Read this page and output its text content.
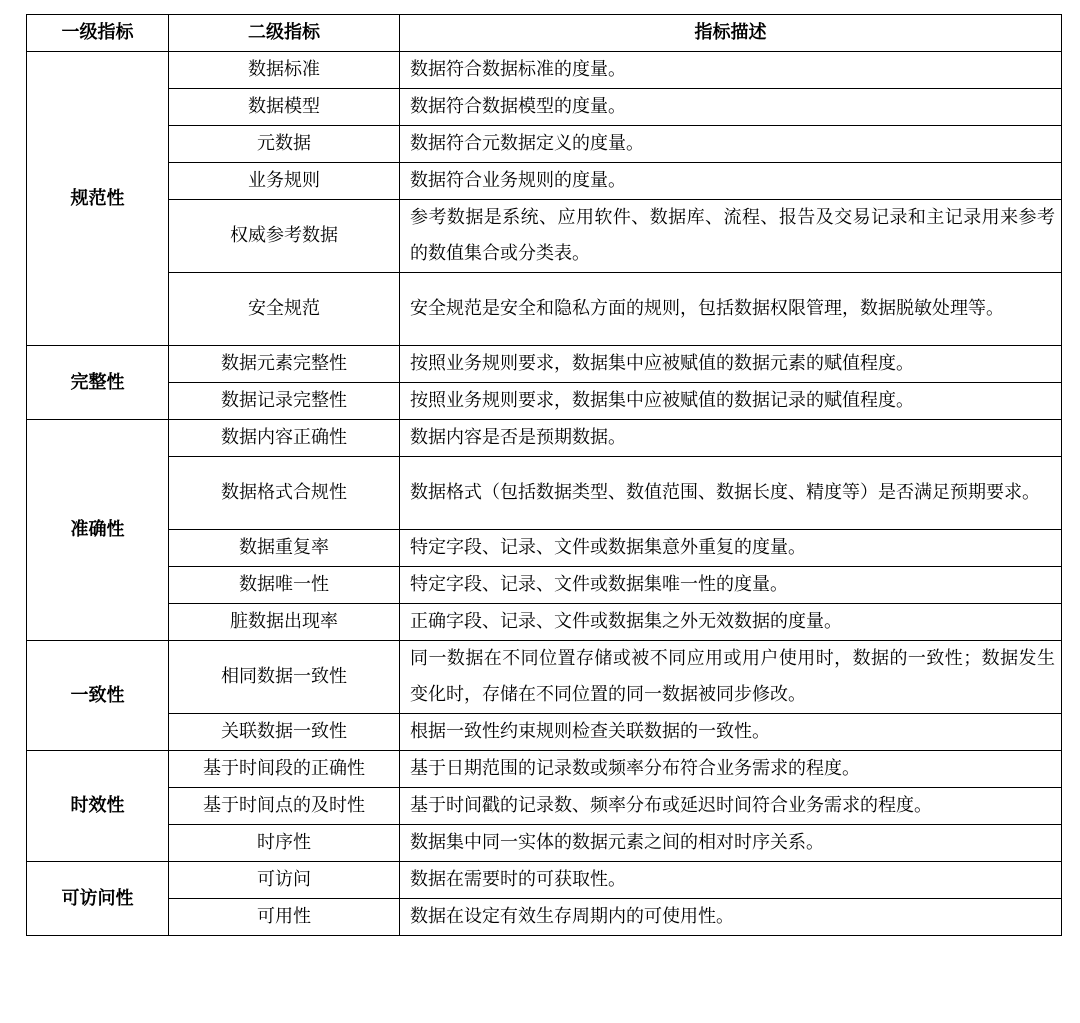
一级指标	二级指标	指标描述
规范性	数据标准	数据符合数据标准的度量。
	数据模型	数据符合数据模型的度量。
	元数据	数据符合元数据定义的度量。
	业务规则	数据符合业务规则的度量。
	权威参考数据	参考数据是系统、应用软件、数据库、流程、报告及交易记录和主记录用来参考的数值集合或分类表。
	安全规范	安全规范是安全和隐私方面的规则，包括数据权限管理，数据脱敏处理等。
完整性	数据元素完整性	按照业务规则要求，数据集中应被赋值的数据元素的赋值程度。
	数据记录完整性	按照业务规则要求，数据集中应被赋值的数据记录的赋值程度。
准确性	数据内容正确性	数据内容是否是预期数据。
	数据格式合规性	数据格式（包括数据类型、数值范围、数据长度、精度等）是否满足预期要求。
	数据重复率	特定字段、记录、文件或数据集意外重复的度量。
	数据唯一性	特定字段、记录、文件或数据集唯一性的度量。
	脏数据出现率	正确字段、记录、文件或数据集之外无效数据的度量。
一致性	相同数据一致性	同一数据在不同位置存储或被不同应用或用户使用时，数据的一致性；数据发生变化时，存储在不同位置的同一数据被同步修改。
	关联数据一致性	根据一致性约束规则检查关联数据的一致性。
时效性	基于时间段的正确性	基于日期范围的记录数或频率分布符合业务需求的程度。
	基于时间点的及时性	基于时间戳的记录数、频率分布或延迟时间符合业务需求的程度。
	时序性	数据集中同一实体的数据元素之间的相对时序关系。
可访问性	可访问	数据在需要时的可获取性。
	可用性	数据在设定有效生存周期内的可使用性。
